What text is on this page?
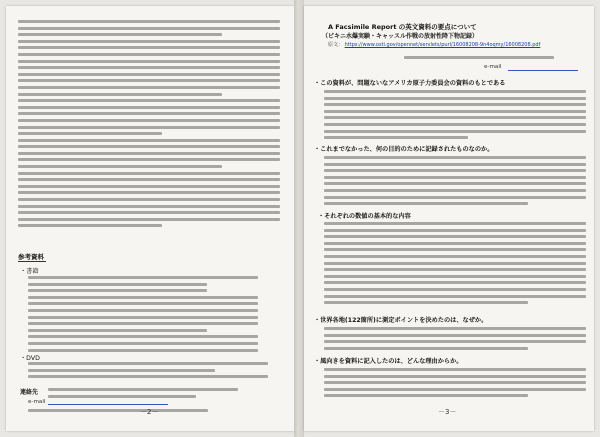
参考資料
・書籍
・DVD
連絡先
e-mail
－2－
A Facsimile Report の英文資料の要点について
（ビキニ水爆実験・キャッスル作戦の放射性降下物記録）
原文： https://www.osti.gov/opennet/servlets/purl/16008208-9n4oqmy/16008208.pdf
e-mail
・この資料が、問題ないなアメリカ原子力委員会の資料のもとである
・これまでなかった、何の目的のために記録されたものなのか。
・それぞれの数値の基本的な内容
・世界各地(122箇所)に測定ポイントを決めたのは、なぜか。
・風向きを資料に記入したのは、どんな理由からか。
－3－
